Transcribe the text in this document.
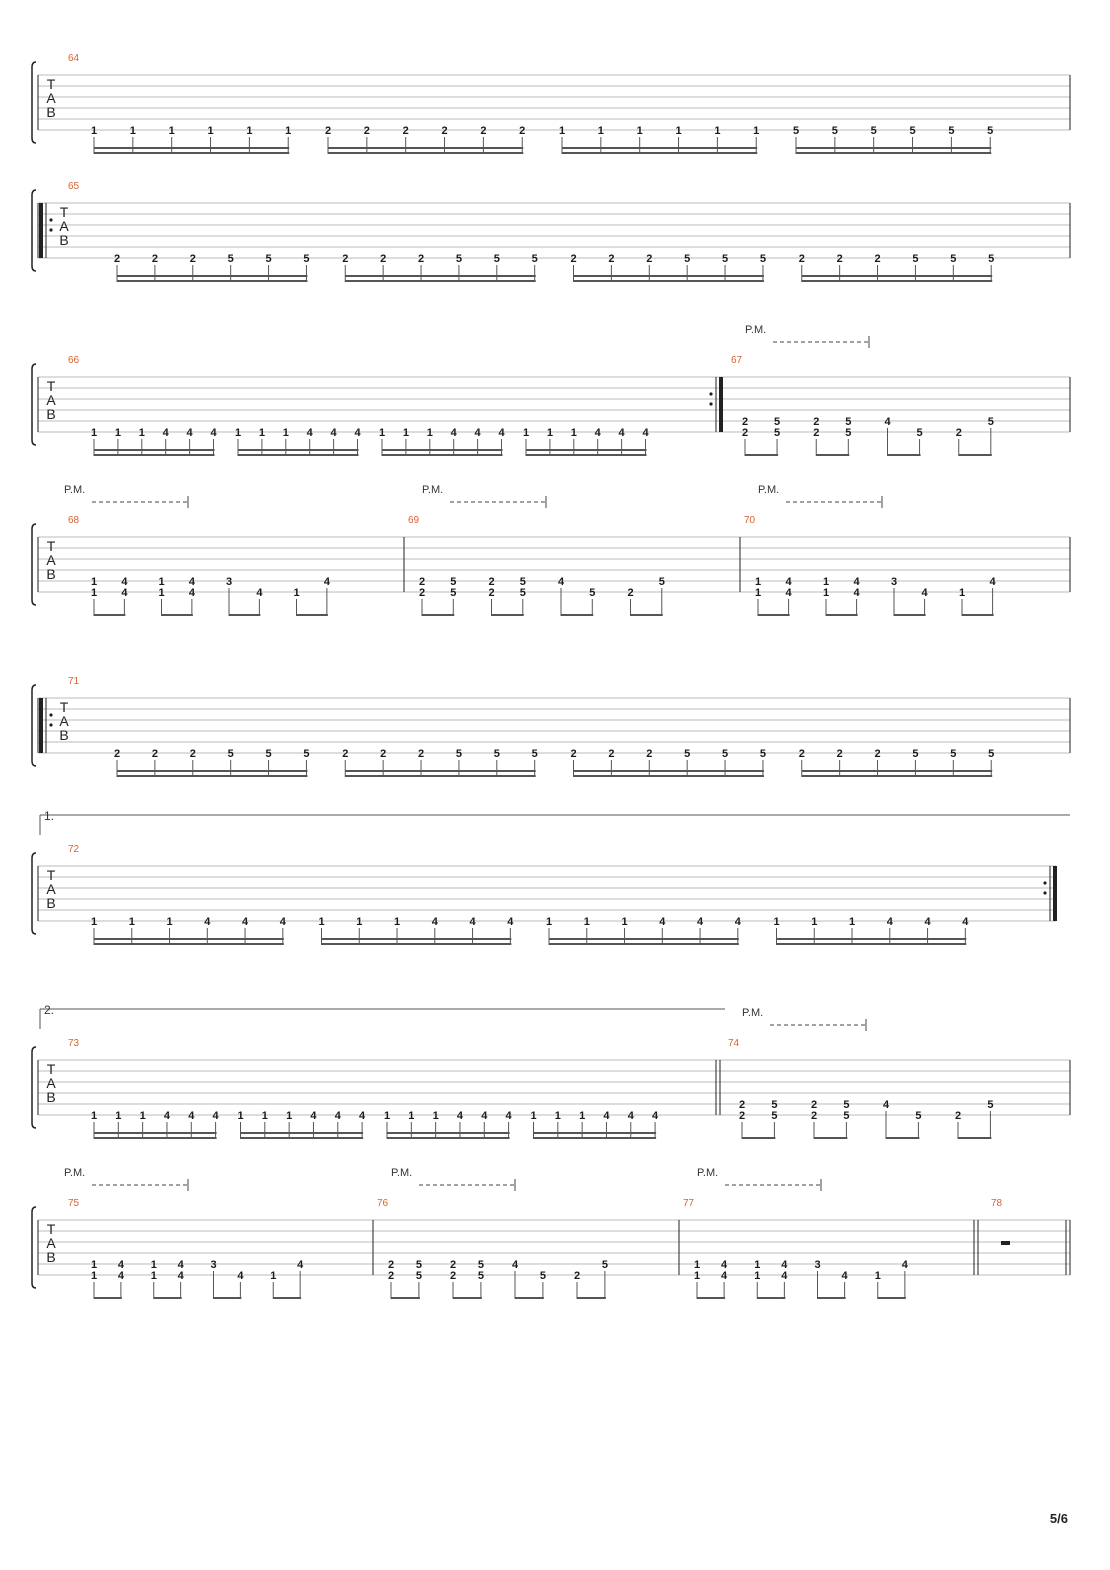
T
A
B
64
1	1	1	1	1	1	2	2	2	2	2	2	1	1	1	1	1	1	5	5	5	5	5	5
T
A
B
65
2	2	2	5	5	5	2	2	2	5	5	5	2	2	2	5	5	5	2	2	2	5	5	5
T
A
B
66
1 1 1 4 4 4 1 1 1 4 4 4 1 1 1 4 4 4 1 1 1 4 4 4
67
P.M.
2
2
5
5
2
2
5
5
4
5	2
5
T
A
B
68
P.M.
1
1
4
4
1
1
4
4
3
4	1
4
69
P.M.
2
2
5
5
2
2
5
5
4
5	2
5
70
P.M.
1
1
4
4
1
1
4
4
3
4	1
4
T
A
B
71
2	2	2	5	5	5	2	2	2	5	5	5	2	2	2	5	5	5	2	2	2	5	5	5
T
A
B
1.
72
1	1	1	4	4	4	1	1	1	4	4	4	1	1	1	4	4	4	1	1	1	4	4	4
T
A
B
2.
73
1 1 1 4 4 4 1 1 1 4 4 4 1 1 1 4 4 4 1 1 1 4 4 4
74
P.M.
2
2
5
5
2
2
5
5
4
5	2
5
T
A
B
75
P.M.
1
1
4
4
1
1
4
4
3
4 1
4
76
P.M.
2
2
5
5
2
2
5
5
4
5	2
5
77
P.M.
1
1
4
4
1
1
4
4
3
4 1
4
78
5/6
